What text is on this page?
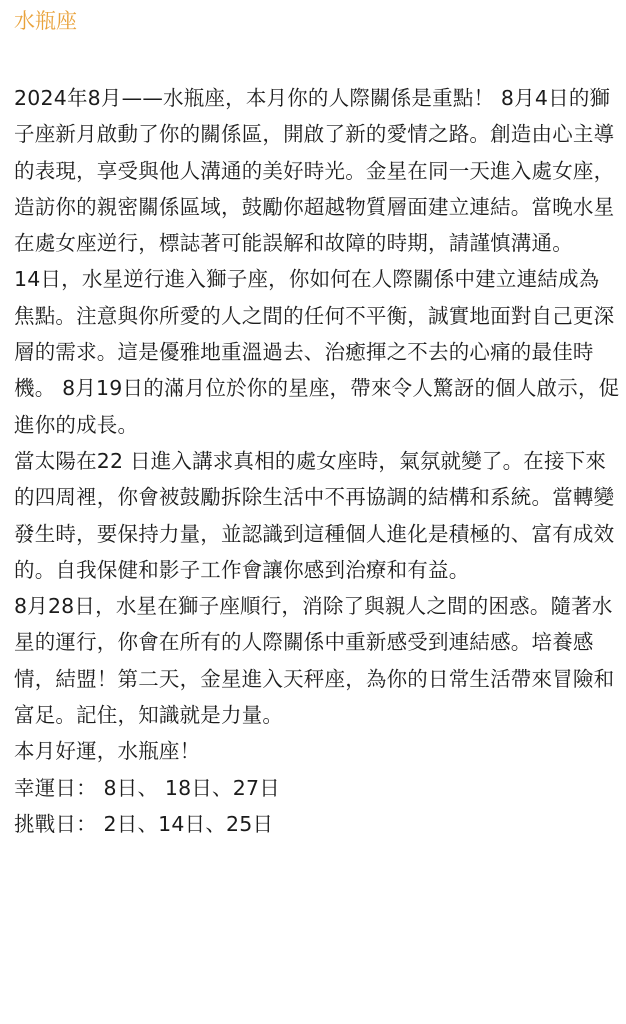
水瓶座

2024年8月——水瓶座，本月你的人際關係是重點！ 8月4日的獅子座新月啟動了你的關係區，開啟了新的愛情之路。創造由心主導的表現，享受與他人溝通的美好時光。金星在同一天進入處女座，造訪你的親密關係區域，鼓勵你超越物質層面建立連結。當晚水星在處女座逆行，標誌著可能誤解和故障的時期，請謹慎溝通。

14日，水星逆行進入獅子座，你如何在人際關係中建立連結成為焦點。注意與你所愛的人之間的任何不平衡，誠實地面對自己更深層的需求。這是優雅地重溫過去、治癒揮之不去的心痛的最佳時機。 8月19日的滿月位於你的星座，帶來令人驚訝的個人啟示，促進你的成長。

當太陽在22 日進入講求真相的處女座時，氣氛就變了。在接下來的四周裡，你會被鼓勵拆除生活中不再協調的結構和系統。當轉變發生時，要保持力量，並認識到這種個人進化是積極的、富有成效的。自我保健和影子工作會讓你感到治療和有益。

8月28日，水星在獅子座順行，消除了與親人之間的困惑。隨著水星的運行，你會在所有的人際關係中重新感受到連結感。培養感情，結盟！第二天，金星進入天秤座，為你的日常生活帶來冒險和富足。記住，知識就是力量。

本月好運，水瓶座！

幸運日： 8日、 18日、27日

挑戰日： 2日、14日、25日
